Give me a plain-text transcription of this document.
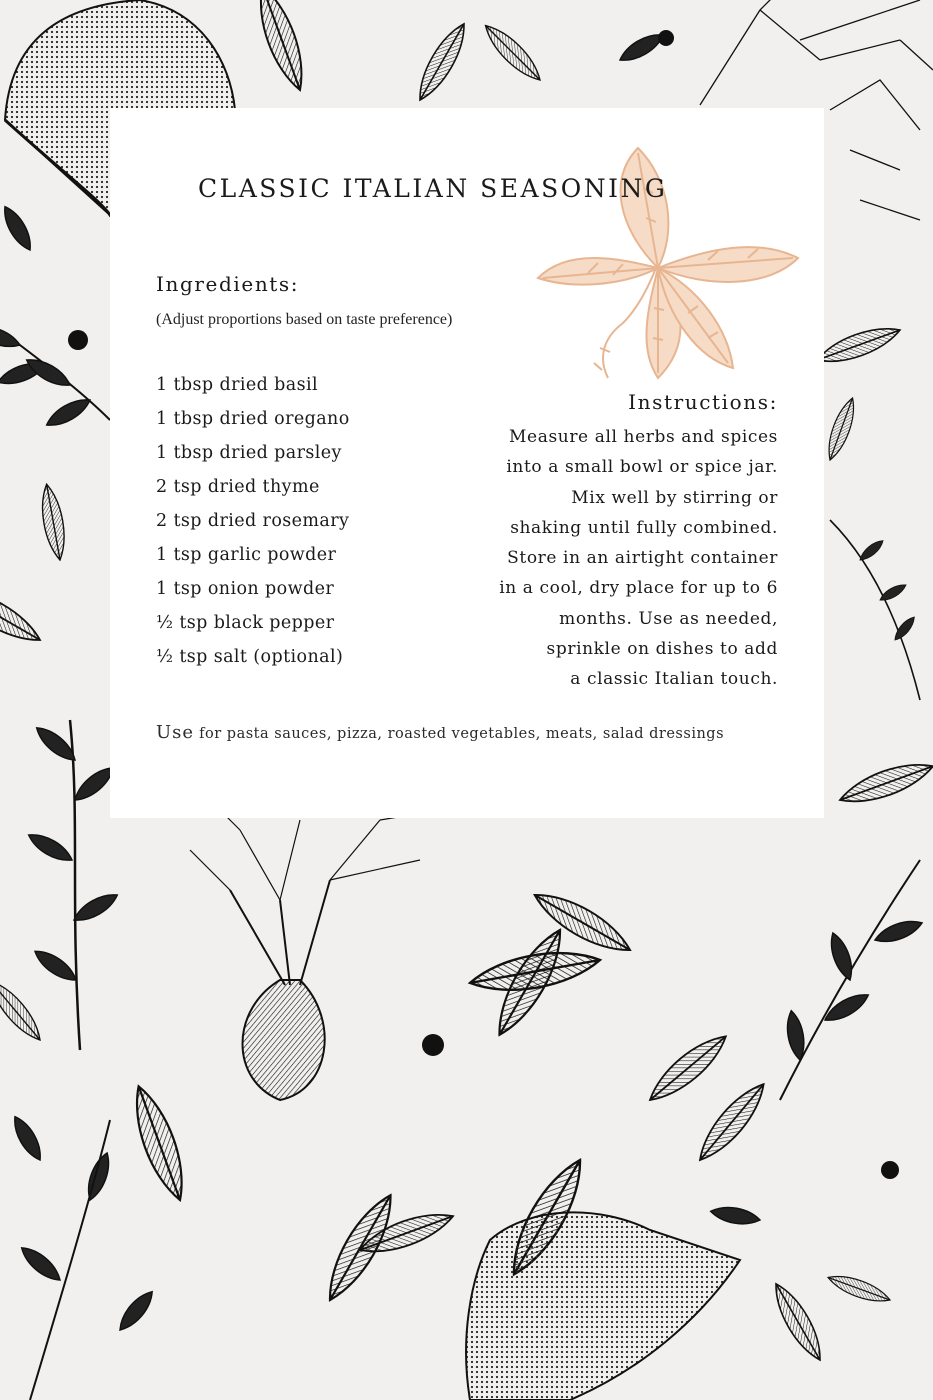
CLASSIC ITALIAN SEASONING
Ingredients:
(Adjust proportions based on taste preference)
1 tbsp dried basil
1 tbsp dried oregano
1 tbsp dried parsley
2 tsp dried thyme
2 tsp dried rosemary
1 tsp garlic powder
1 tsp onion powder
½ tsp black pepper
½ tsp salt (optional)
Instructions:

Measure all herbs and spices
into a small bowl or spice jar.
Mix well by stirring or
shaking until fully combined.
Store in an airtight container
in a cool, dry place for up to 6
months. Use as needed,
sprinkle on dishes to add
a classic Italian touch.

Use for pasta sauces, pizza, roasted vegetables, meats, salad dressings
